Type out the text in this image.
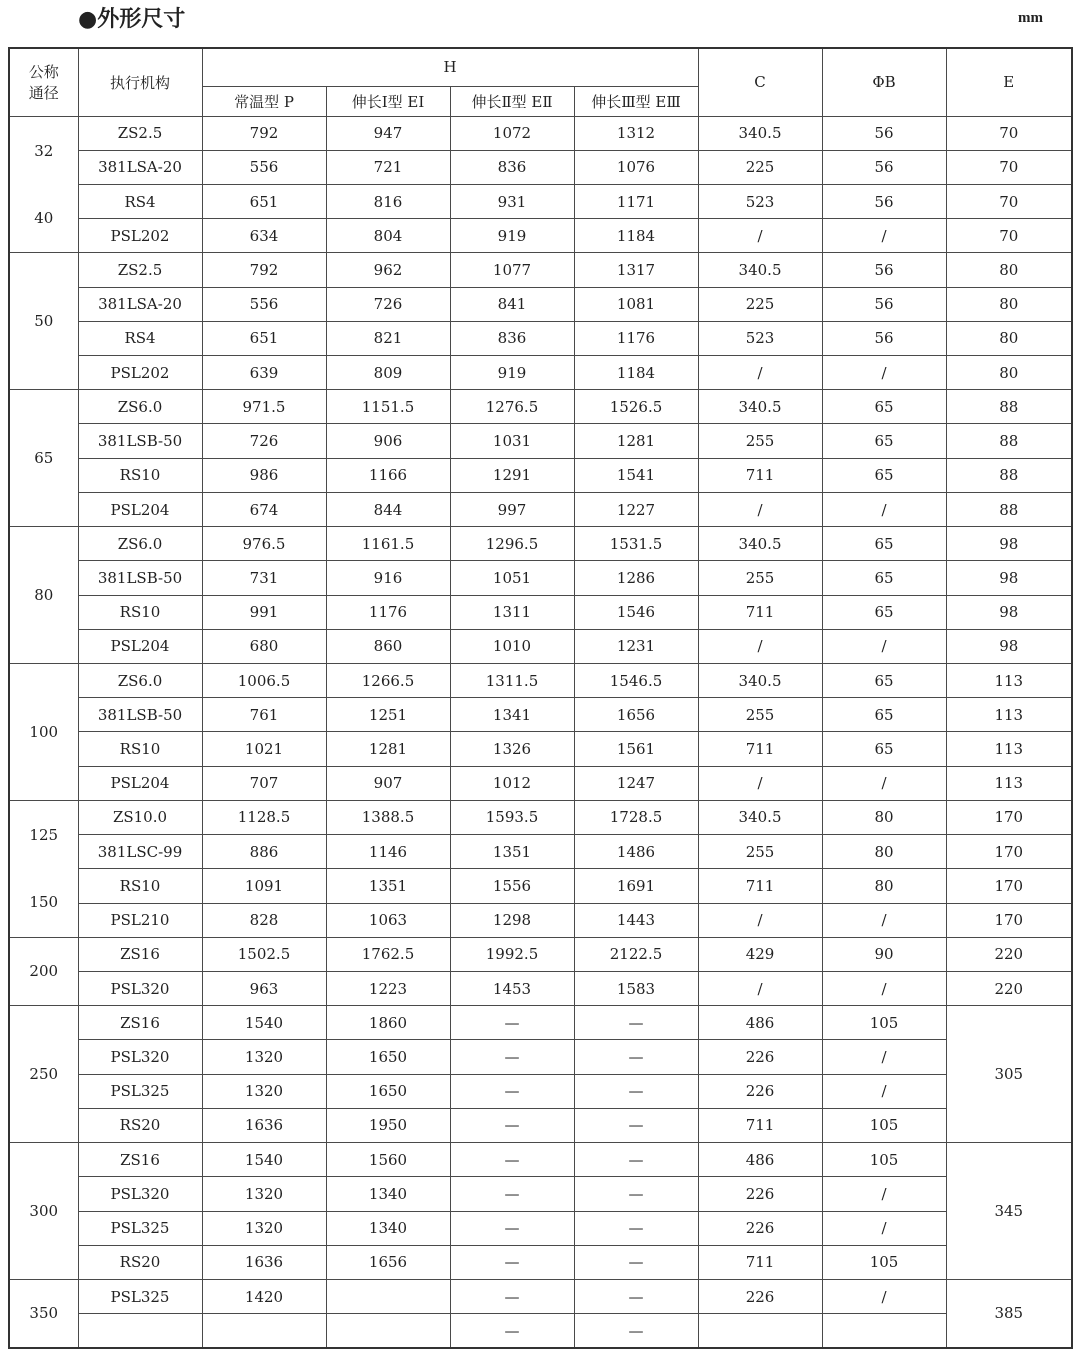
●外形尺寸	mm
公称
通径	执行机构	H				C	ΦB	E
		常温型 P	伸长Ⅰ型 EⅠ	伸长Ⅱ型 EⅡ	伸长Ⅲ型 EⅢ			

32
40	ZS2.5	792	947	1072	1312	340.5	56	70
	381LSA-20	556	721	836	1076	225	56	70
	RS4	651	816	931	1171	523	56	70
	PSL202	634	804	919	1184	/	/	70

50	ZS2.5	792	962	1077	1317	340.5	56	80
	381LSA-20	556	726	841	1081	225	56	80
	RS4	651	821	836	1176	523	56	80
	PSL202	639	809	919	1184	/	/	80

65	ZS6.0	971.5	1151.5	1276.5	1526.5	340.5	65	88
	381LSB-50	726	906	1031	1281	255	65	88
	RS10	986	1166	1291	1541	711	65	88
	PSL204	674	844	997	1227	/	/	88

80	ZS6.0	976.5	1161.5	1296.5	1531.5	340.5	65	98
	381LSB-50	731	916	1051	1286	255	65	98
	RS10	991	1176	1311	1546	711	65	98
	PSL204	680	860	1010	1231	/	/	98

100	ZS6.0	1006.5	1266.5	1311.5	1546.5	340.5	65	113
	381LSB-50	761	1251	1341	1656	255	65	113
	RS10	1021	1281	1326	1561	711	65	113
	PSL204	707	907	1012	1247	/	/	113

125
150	ZS10.0	1128.5	1388.5	1593.5	1728.5	340.5	80	170
	381LSC-99	886	1146	1351	1486	255	80	170
	RS10	1091	1351	1556	1691	711	80	170
	PSL210	828	1063	1298	1443	/	/	170

200	ZS16	1502.5	1762.5	1992.5	2122.5	429	90	220
	PSL320	963	1223	1453	1583	/	/	220

250	ZS16	1540	1860	—	—	486	105	305
	PSL320	1320	1650	—	—	226	/	
	PSL325	1320	1650	—	—	226	/	
	RS20	1636	1950	—	—	711	105	

300	ZS16	1540	1560	—	—	486	105	345
	PSL320	1320	1340	—	—	226	/	
	PSL325	1320	1340	—	—	226	/	
	RS20	1636	1656	—	—	711	105	

350	PSL325	1420		—	—	226	/	385
				—	—			
